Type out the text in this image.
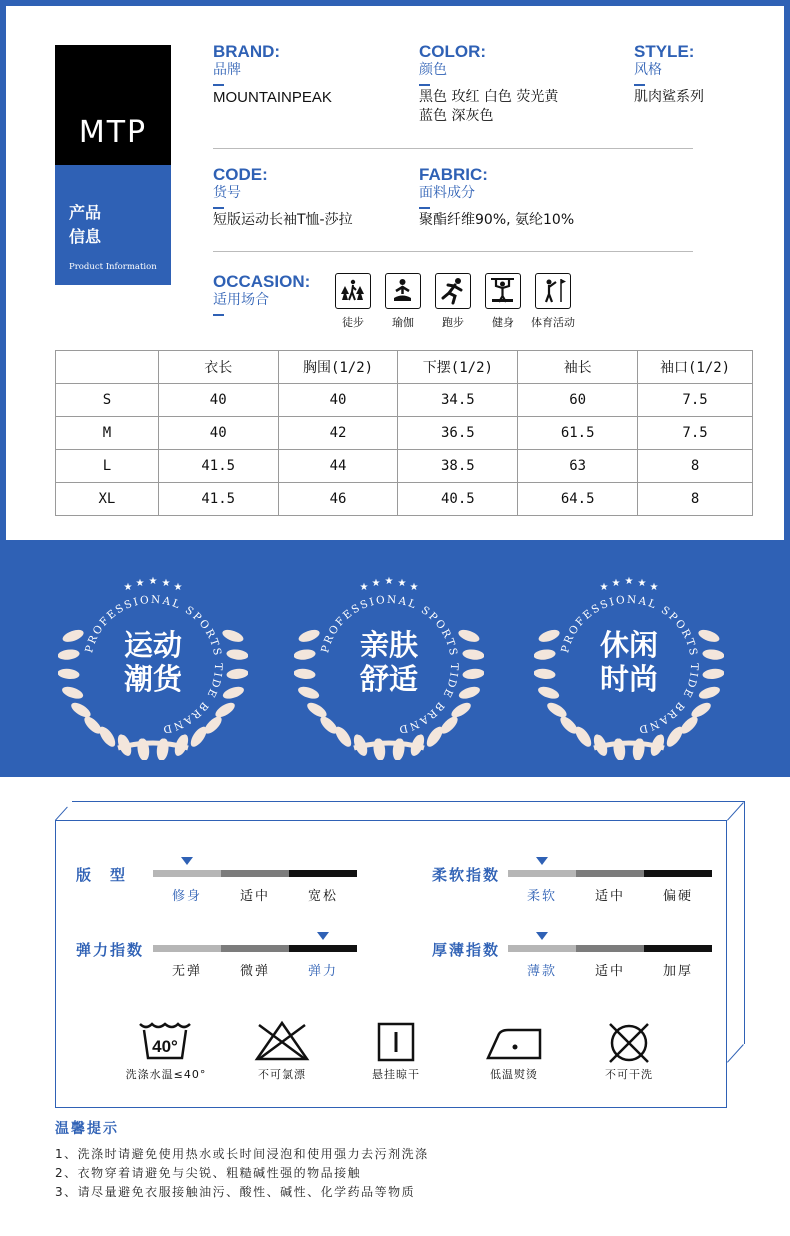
MTP
产品
信息
Product Information
BRAND:
品牌
MOUNTAINPEAK
COLOR:
颜色
黑色 玫红 白色 荧光黄
蓝色 深灰色
STYLE:
风格
肌肉鲨系列
CODE:
货号
短版运动长袖T恤-莎拉
FABRIC:
面料成分
聚酯纤维90%, 氨纶10%
OCCASION:
适用场合
徒步	瑜伽	跑步	健身	体育活动
	衣长	胸围(1/2)	下摆(1/2)	袖长	袖口(1/2)
S	40	40	34.5	60	7.5
M	40	42	36.5	61.5	7.5
L	41.5	44	38.5	63	8
XL	41.5	46	40.5	64.5	8
★ ★ ★ ★ ★
PROFESSIONAL SPORTS TIDE BRAND
运动
潮货
★ ★ ★ ★ ★
PROFESSIONAL SPORTS TIDE BRAND
亲肤
舒适
★ ★ ★ ★ ★
PROFESSIONAL SPORTS TIDE BRAND
休闲
时尚
版　型
修身	适中	宽松
柔软指数
柔软	适中	偏硬
弹力指数
无弹	微弹	弹力
厚薄指数
薄款	适中	加厚
40°
洗涤水温≤40°	不可氯漂	悬挂晾干	低温熨烫	不可干洗
温馨提示
1、洗涤时请避免使用热水或长时间浸泡和使用强力去污剂洗涤
2、衣物穿着请避免与尖锐、粗糙碱性强的物品接触
3、请尽量避免衣服接触油污、酸性、碱性、化学药品等物质
